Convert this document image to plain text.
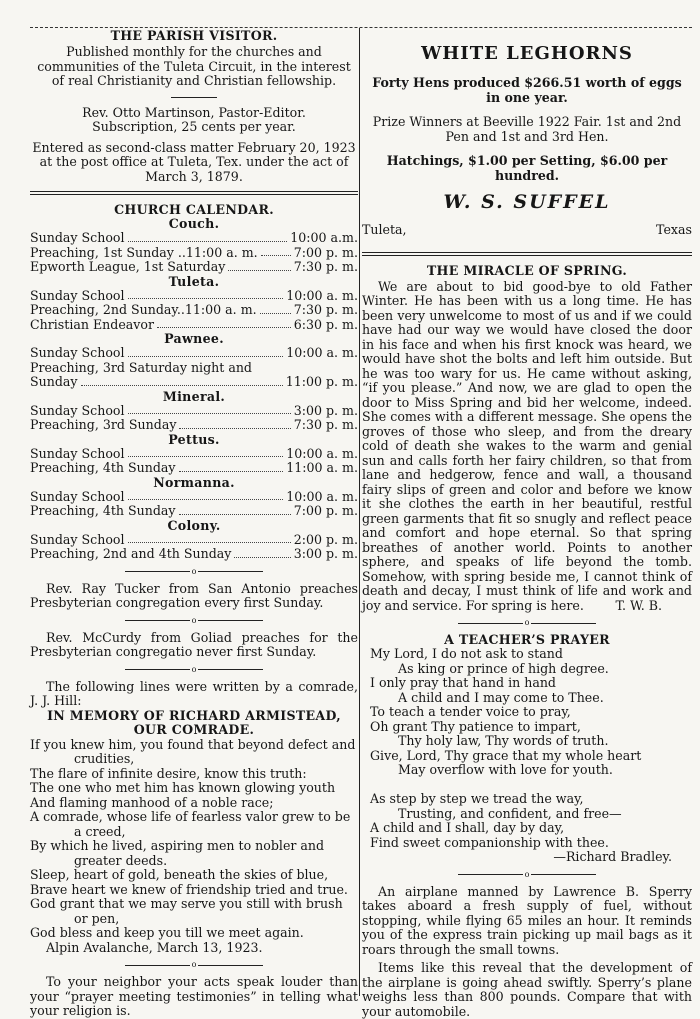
THE PARISH VISITOR.

Published monthly for the churches and communities of the Tuleta Circuit, in the interest of real Christianity and Christian fellowship.

Rev. Otto Martinson, Pastor-Editor.

Subscription, 25 cents per year.

Entered as second-class matter February 20, 1923 at the post office at Tuleta, Tex. under the act of March 3, 1879.

CHURCH CALENDAR.
Couch.
Sunday School	10:00 a.m.
Preaching, 1st Sunday ..11:00 a. m.	7:00 p. m.
Epworth League, 1st Saturday	7:30 p. m.
Tuleta.
Sunday School	10:00 a. m.
Preaching, 2nd Sunday..11:00 a. m.	7:30 p. m.
Christian Endeavor	6:30 p. m.
Pawnee.
Sunday School	10:00 a. m.
Preaching, 3rd Saturday night and
Sunday	11:00 p. m.
Mineral.
Sunday School	3:00 p. m.
Preaching, 3rd Sunday	7:30 p. m.
Pettus.
Sunday School	10:00 a. m.
Preaching, 4th Sunday	11:00 a. m.
Normanna.
Sunday School	10:00 a. m.
Preaching, 4th Sunday	7:00 p. m.
Colony.
Sunday School	2:00 p. m.
Preaching, 2nd and 4th Sunday	3:00 p. m.
o

Rev. Ray Tucker from San Antonio preaches Presbyterian congregation every first Sunday.

o

Rev. McCurdy from Goliad preaches for the Presbyterian congregatio never first Sunday.

o

The following lines were written by a comrade, J. J. Hill:

IN MEMORY OF RICHARD ARMISTEAD, OUR COMRADE.

If you knew him, you found that beyond defect and crudities,

The flare of infinite desire, know this truth:

The one who met him has known glowing youth

And flaming manhood of a noble race;

A comrade, whose life of fearless valor grew to be a creed,

By which he lived, aspiring men to nobler and greater deeds.

Sleep, heart of gold, beneath the skies of blue,

Brave heart we knew of friendship tried and true.

God grant that we may serve you still with brush or pen,

God bless and keep you till we meet again.

Alpin Avalanche, March 13, 1923.

o

To your neighbor your acts speak louder than your “prayer meeting testimonies” in telling what your religion is.

WHITE LEGHORNS

Forty Hens produced $266.51 worth of eggs in one year.

Prize Winners at Beeville 1922 Fair. 1st and 2nd Pen and 1st and 3rd Hen.

Hatchings, $1.00 per Setting, $6.00 per hundred.

W. S. SUFFEL
Tuleta,	Texas
THE MIRACLE OF SPRING.

We are about to bid good-bye to old Father Winter. He has been with us a long time. He has been very unwelcome to most of us and if we could have had our way we would have closed the door in his face and when his first knock was heard, we would have shot the bolts and left him outside. But he was too wary for us. He came without asking, “if you please.” And now, we are glad to open the door to Miss Spring and bid her welcome, indeed. She comes with a different message. She opens the groves of those who sleep, and from the dreary cold of death she wakes to the warm and genial sun and calls forth her fairy children, so that from lane and hedgerow, fence and wall, a thousand fairy slips of green and color and before we know it she clothes the earth in her beautiful, restful green garments that fit so snugly and reflect peace and comfort and hope eternal. So that spring breathes of another world. Points to another sphere, and speaks of life beyond the tomb. Somehow, with spring beside me, I cannot think of death and decay, I must think of life and work and joy and service. For spring is here.	T. W. B.

o
A TEACHER’S PRAYER

My Lord, I do not ask to stand

As king or prince of high degree.

I only pray that hand in hand

A child and I may come to Thee.

To teach a tender voice to pray,

Oh grant Thy patience to impart,

Thy holy law, Thy words of truth.

Give, Lord, Thy grace that my whole heart

May overflow with love for youth.

As step by step we tread the way,

Trusting, and confident, and free—

A child and I shall, day by day,

Find sweet companionship with thee.

—Richard Bradley.

o

An airplane manned by Lawrence B. Sperry takes aboard a fresh supply of fuel, without stopping, while flying 65 miles an hour. It reminds you of the express train picking up mail bags as it roars through the small towns.

Items like this reveal that the development of the airplane is going ahead swiftly. Sperry’s plane weighs less than 800 pounds. Compare that with your automobile.
